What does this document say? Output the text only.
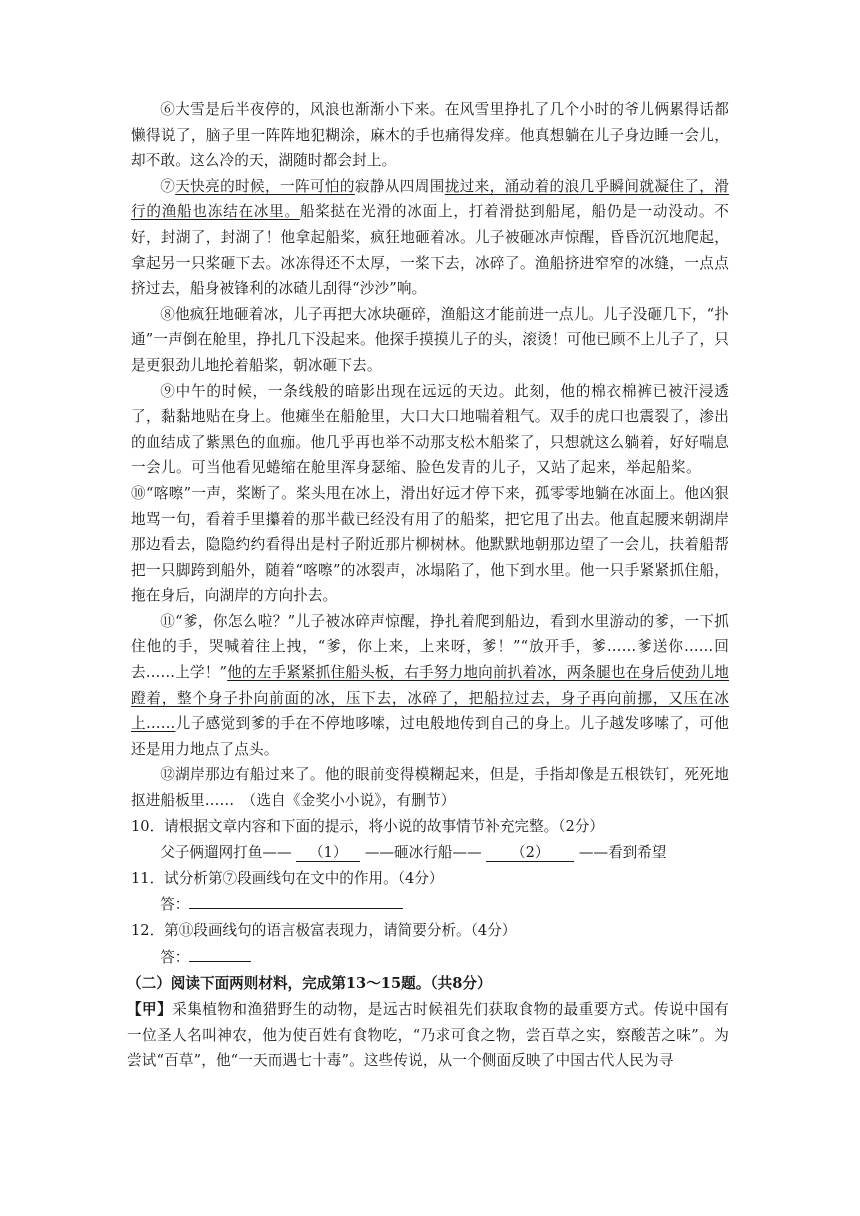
⑥大雪是后半夜停的，风浪也渐渐小下来。在风雪里挣扎了几个小时的爷儿俩累得话都懒得说了，脑子里一阵阵地犯糊涂，麻木的手也痛得发痒。他真想躺在儿子身边睡一会儿，却不敢。这么冷的天，湖随时都会封上。

⑦天快亮的时候，一阵可怕的寂静从四周围拢过来，涌动着的浪几乎瞬间就凝住了，滑行的渔船也冻结在冰里。船桨挞在光滑的冰面上，打着滑挞到船尾，船仍是一动没动。不好，封湖了，封湖了！他拿起船桨，疯狂地砸着冰。儿子被砸冰声惊醒，昏昏沉沉地爬起，拿起另一只桨砸下去。冰冻得还不太厚，一桨下去，冰碎了。渔船挤进窄窄的冰缝，一点点挤过去，船身被锋利的冰碴儿刮得“沙沙”响。

⑧他疯狂地砸着冰，儿子再把大冰块砸碎，渔船这才能前进一点儿。儿子没砸几下，“扑通”一声倒在舱里，挣扎几下没起来。他探手摸摸儿子的头，滚烫！可他已顾不上儿子了，只是更狠劲儿地抡着船桨，朝冰砸下去。

⑨中午的时候，一条线般的暗影出现在远远的天边。此刻，他的棉衣棉裤已被汗浸透了，黏黏地贴在身上。他瘫坐在船舱里，大口大口地喘着粗气。双手的虎口也震裂了，渗出的血结成了紫黑色的血痂。他几乎再也举不动那支松木船桨了，只想就这么躺着，好好喘息一会儿。可当他看见蜷缩在舱里浑身瑟缩、脸色发青的儿子，又站了起来，举起船桨。⑩“喀嚓”一声，桨断了。桨头甩在冰上，滑出好远才停下来，孤零零地躺在冰面上。他凶狠地骂一句，看着手里攥着的那半截已经没有用了的船桨，把它甩了出去。他直起腰来朝湖岸那边看去，隐隐约约看得出是村子附近那片柳树林。他默默地朝那边望了一会儿，扶着船帮把一只脚跨到船外，随着“喀嚓”的冰裂声，冰塌陷了，他下到水里。他一只手紧紧抓住船，拖在身后，向湖岸的方向扑去。

⑪“爹，你怎么啦？”儿子被冰碎声惊醒，挣扎着爬到船边，看到水里游动的爹，一下抓住他的手，哭喊着往上拽，“爹，你上来，上来呀，爹！”“放开手，爹……爹送你……回去……上学！”他的左手紧紧抓住船头板，右手努力地向前扒着冰，两条腿也在身后使劲儿地蹬着，整个身子扑向前面的冰，压下去，冰碎了，把船拉过去，身子再向前挪，又压在冰上……儿子感觉到爹的手在不停地哆嗦，过电般地传到自己的身上。儿子越发哆嗦了，可他还是用力地点了点头。

⑫湖岸那边有船过来了。他的眼前变得模糊起来，但是，手指却像是五根铁钉，死死地抠进船板里……　（选自《金奖小小说》，有删节）

10．请根据文章内容和下面的提示，将小说的故事情节补充完整。（2分）

父子俩遛网打鱼—— （1） ——砸冰行船—— （2） ——看到希望

11．试分析第⑦段画线句在文中的作用。（4分）

答：

12．第⑪段画线句的语言极富表现力，请简要分析。（4分）

答：

（二）阅读下面两则材料，完成第13～15题。（共8分）

【甲】采集植物和渔猎野生的动物，是远古时候祖先们获取食物的最重要方式。传说中国有一位圣人名叫神农，他为使百姓有食物吃，“乃求可食之物，尝百草之实，察酸苦之味”。为尝试“百草”，他“一天而遇七十毒”。这些传说，从一个侧面反映了中国古代人民为寻
